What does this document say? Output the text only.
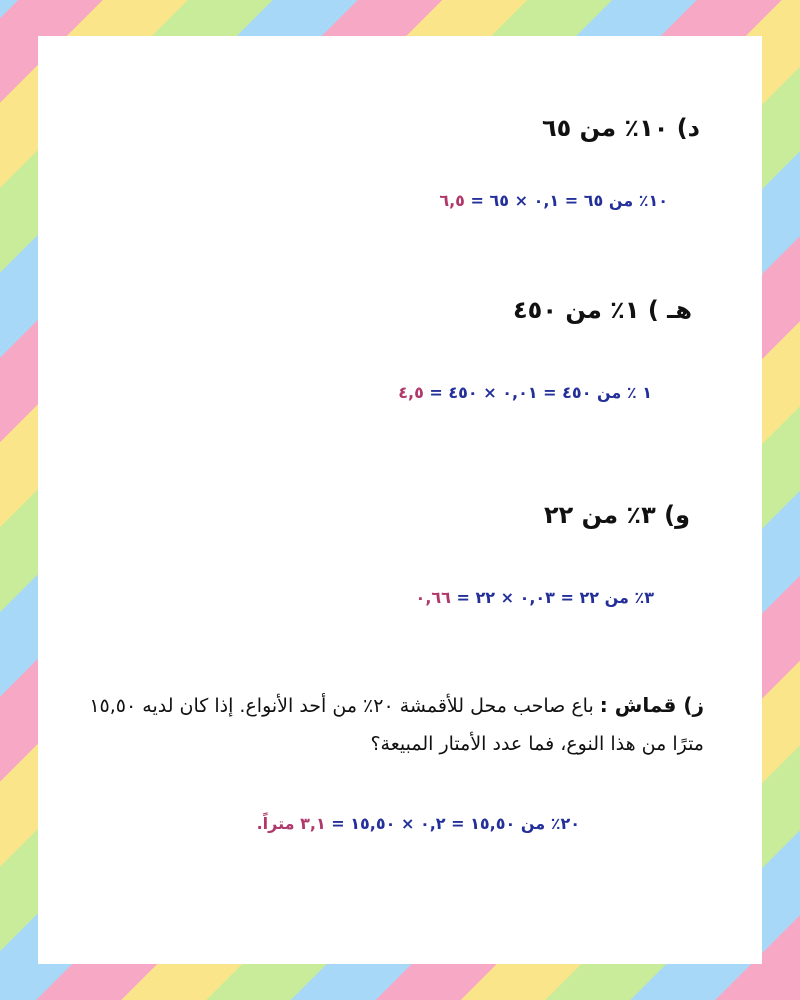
د) ١٠٪ من ٦٥
١٠٪ من ٦٥ = ٠,١ × ٦٥ = ٦,٥
هـ ) ١٪ من ٤٥٠
١ ٪ من ٤٥٠ = ٠,٠١ × ٤٥٠ = ٤,٥
و) ٣٪ من ٢٢
٣٪ من ٢٢ = ٠,٠٣ × ٢٢ = ٠,٦٦
ز) قماش : باع صاحب محل للأقمشة ٢٠٪ من أحد الأنواع. إذا كان لديه ١٥,٥٠ مترًا من هذا النوع، فما عدد الأمتار المبيعة؟
٢٠٪ من ١٥,٥٠ = ٠,٢ × ١٥,٥٠ = ٣,١ متراً.
